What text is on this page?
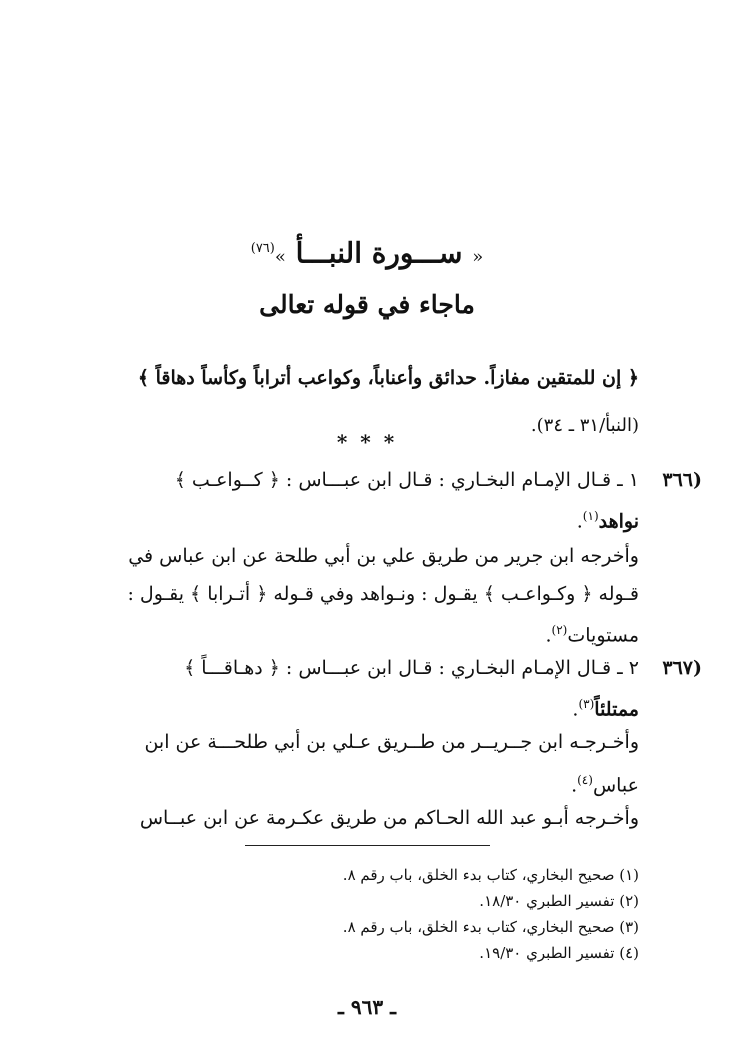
« ســـورة النبـــأ »$^{(٧٦)}$
ماجاء في قوله تعالى
﴿ إن للمتقين مفازاً. حدائق وأعناباً، وكواعب أتراباً وكأساً دهاقاً ﴾
(النبأ/٣١ ـ ٣٤).
* * *
(٣٦٦
١ ـ قـال الإمـام البخـاري : قـال ابن عبـــاس : ﴿ كــواعـب ﴾
نواهد$^{(١)}$.
وأخرجه ابن جرير من طريق علي بن أبي طلحة عن ابن عباس في
قـوله ﴿ وكـواعـب ﴾ يقـول : ونـواهد وفي قـوله ﴿ أتـرابا ﴾ يقـول :
مستويات$^{(٢)}$.
(٣٦٧
٢ ـ قـال الإمـام البخـاري : قـال ابن عبـــاس : ﴿ دهـاقـــاً ﴾
ممتلئاً$^{(٣)}$.
وأخـرجـه ابن جــريــر من طــريق عـلي بن أبي طلحـــة عن ابن
عباس$^{(٤)}$.
وأخـرجه أبـو عبد الله الحـاكم من طريق عكـرمة عن ابن عبــاس
(١) صحيح البخاري، كتاب بدء الخلق، باب رقم ٨.
(٢) تفسير الطبري ١٨/٣٠.
(٣) صحيح البخاري، كتاب بدء الخلق، باب رقم ٨.
(٤) تفسير الطبري ١٩/٣٠.
ـ ٩٦٣ ـ
